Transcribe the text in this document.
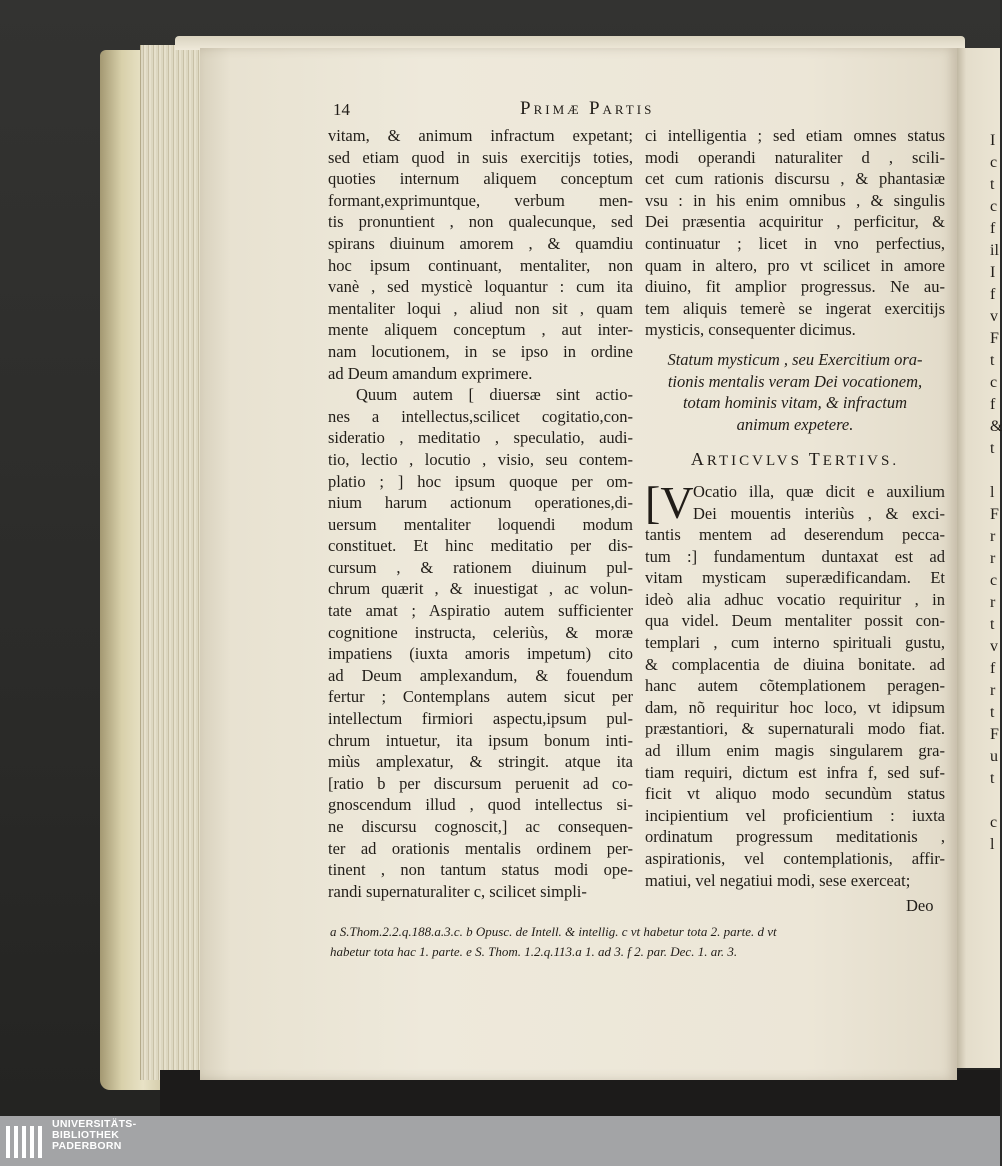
I
c
t
c
f
il
I
f
v
F
t
c
f
&
t
l
F
r
r
c
r
t
v
f
r
t
F
u
t
c
l
14	PRIMÆ PARTIS
vitam, & animum infractum expetant;
sed etiam quod in suis exercitijs toties,
quoties internum aliquem conceptum
formant,exprimuntque, verbum men-
tis pronuntient , non qualecunque, sed
spirans diuinum amorem , & quamdiu
hoc ipsum continuant, mentaliter, non
vanè , sed mysticè loquantur : cum ita
mentaliter loqui , aliud non sit , quam
mente aliquem conceptum , aut inter-
nam locutionem, in se ipso in ordine
ad Deum amandum exprimere.
Quum autem [ diuersæ sint actio-
nes a intellectus,scilicet cogitatio,con-
sideratio , meditatio , speculatio, audi-
tio, lectio , locutio , visio, seu contem-
platio ; ] hoc ipsum quoque per om-
nium harum actionum operationes,di-
uersum mentaliter loquendi modum
constituet. Et hinc meditatio per dis-
cursum , & rationem diuinum pul-
chrum quærit , & inuestigat , ac volun-
tate amat ; Aspiratio autem sufficienter
cognitione instructa, celeriùs, & moræ
impatiens (iuxta amoris impetum) cito
ad Deum amplexandum, & fouendum
fertur ; Contemplans autem sicut per
intellectum firmiori aspectu,ipsum pul-
chrum intuetur, ita ipsum bonum inti-
miùs amplexatur, & stringit. atque ita
[ratio b per discursum peruenit ad co-
gnoscendum illud , quod intellectus si-
ne discursu cognoscit,] ac consequen-
ter ad orationis mentalis ordinem per-
tinent , non tantum status modi ope-
randi supernaturaliter c, scilicet simpli-
ci intelligentia ; sed etiam omnes status
modi operandi naturaliter d , scili-
cet cum rationis discursu , & phantasiæ
vsu : in his enim omnibus , & singulis
Dei præsentia acquiritur , perficitur, &
continuatur ; licet in vno perfectius,
quam in altero, pro vt scilicet in amore
diuino, fit amplior progressus. Ne au-
tem aliquis temerè se ingerat exercitijs
mysticis, consequenter dicimus.
Statum mysticum , seu Exercitium ora-
tionis mentalis veram Dei vocationem,
totam hominis vitam, & infractum
animum expetere.
ARTICVLVS TERTIVS.
[V Ocatio illa, quæ dicit e auxilium
Dei mouentis interiùs , & exci-
tantis mentem ad deserendum pecca-
tum :] fundamentum duntaxat est ad
vitam mysticam superædificandam. Et
ideò alia adhuc vocatio requiritur , in
qua videl. Deum mentaliter possit con-
templari , cum interno spirituali gustu,
& complacentia de diuina bonitate. ad
hanc autem cõtemplationem peragen-
dam, nõ requiritur hoc loco, vt idipsum
præstantiori, & supernaturali modo fiat.
ad illum enim magis singularem gra-
tiam requiri, dictum est infra f, sed suf-
ficit vt aliquo modo secundùm status
incipientium vel proficientium : iuxta
ordinatum progressum meditationis ,
aspirationis, vel contemplationis, affir-
matiui, vel negatiui modi, sese exerceat;
Deo
a S.Thom.2.2.q.188.a.3.c. b Opusc. de Intell. & intellig. c vt habetur tota 2. parte. d vt
habetur tota hac 1. parte. e S. Thom. 1.2.q.113.a 1. ad 3. f 2. par. Dec. 1. ar. 3.
UNIVERSITÄTS-
BIBLIOTHEK
PADERBORN
